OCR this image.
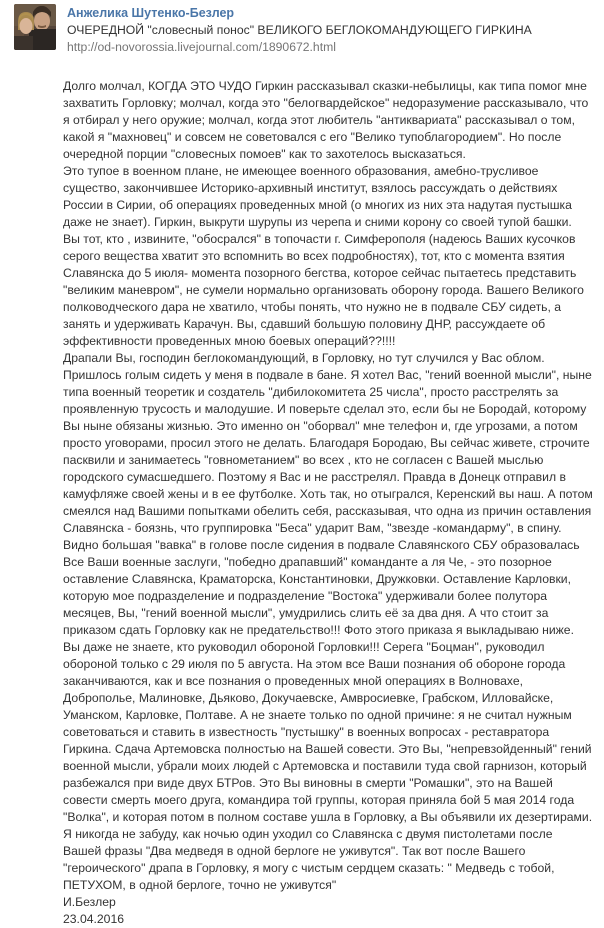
Анжелика Шутенко-Безлер
ОЧЕРЕДНОЙ "словесный понос" ВЕЛИКОГО БЕГЛОКОМАНДУЮЩЕГО ГИРКИНА
http://od-novorossia.livejournal.com/1890672.html
Долго молчал, КОГДА ЭТО ЧУДО Гиркин рассказывал сказки-небылицы, как типа помог мне захватить Горловку; молчал, когда это "белогвардейское" недоразумение рассказывало, что я отбирал у него оружие; молчал, когда этот любитель "антиквариата" рассказывал о том, какой я "махновец" и совсем не советовался с его "Велико тупоблагородием". Но после очередной порции "словесных помоев" как то захотелось высказаться.
Это тупое в военном плане, не имеющее военного образования, амебно-трусливое существо, закончившее Историко-архивный институт, взялось рассуждать о действиях России в Сирии, об операциях проведенных мной (о многих из них эта надутая пустышка даже не знает). Гиркин, выкрути шурупы из черепа и сними корону со своей тупой башки.
Вы тот, кто , извините, "обосрался" в топочасти г. Симферополя (надеюсь Ваших кусочков серого вещества хватит это вспомнить во всех подробностях), тот, кто с момента взятия Славянска до 5 июля- момента позорного бегства, которое сейчас пытаетесь представить "великим маневром", не сумели нормально организовать оборону города. Вашего Великого полководческого дара не хватило, чтобы понять, что нужно не в подвале СБУ сидеть, а занять и удерживать Карачун. Вы, сдавший большую половину ДНР, рассуждаете об эффективности проведенных мною боевых операций??!!!!
Драпали Вы, господин беглокомандующий, в Горловку, но тут случился у Вас облом. Пришлось голым сидеть у меня в подвале в бане. Я хотел Вас, "гений военной мысли", ныне типа военный теоретик и создатель "дибилокомитета 25 числа", просто расстрелять за проявленную трусость и малодушие. И поверьте сделал это, если бы не Бородай, которому Вы ныне обязаны жизнью. Это именно он "оборвал" мне телефон и, где угрозами, а потом просто уговорами, просил этого не делать. Благодаря Бородаю, Вы сейчас живете, строчите пасквили и занимаетесь "говнометанием" во всех , кто не согласен с Вашей мыслью городского сумасшедшего. Поэтому я Вас и не расстрелял. Правда в Донецк отправил в камуфляже своей жены и в ее футболке. Хоть так, но отыгрался, Керенский вы наш. А потом смеялся над Вашими попытками обелить себя, рассказывая, что одна из причин оставления Славянска - боязнь, что группировка "Беса" ударит Вам, "звезде -командарму", в спину. Видно большая "вавка" в голове после сидения в подвале Славянского СБУ образовалась
Все Ваши военные заслуги, "победно драпавший" команданте а ля Че, - это позорное оставление Славянска, Краматорска, Константиновки, Дружковки. Оставление Карловки, которую мое подразделение и подразделение "Востока" удерживали более полутора месяцев, Вы, "гений военной мысли", умудрились слить её за два дня. А что стоит за приказом сдать Горловку как не предательство!!! Фото этого приказа я выкладываю ниже. Вы даже не знаете, кто руководил обороной Горловки!!! Серега "Боцман", руководил обороной только с 29 июля по 5 августа. На этом все Ваши познания об обороне города заканчиваются, как и все познания о проведенных мной операциях в Волновахе, Доброполье, Малиновке, Дьяково, Докучаевске, Амвросиевке, Грабском, Илловайске, Уманском, Карловке, Полтаве. А не знаете только по одной причине: я не считал нужным советоваться и ставить в известность "пустышку" в военных вопросах - реставратора Гиркина. Сдача Артемовска полностью на Вашей совести. Это Вы, "непревзойденный" гений военной мысли, убрали моих людей с Артемовска и поставили туда свой гарнизон, который разбежался при виде двух БТРов. Это Вы виновны в смерти "Ромашки", это на Вашей совести смерть моего друга, командира той группы, которая приняла бой 5 мая 2014 года "Волка", и которая потом в полном составе ушла в Горловку, а Вы объявили их дезертирами. Я никогда не забуду, как ночью один уходил со Славянска с двумя пистолетами после Вашей фразы "Два медведя в одной берлоге не уживутся". Так вот после Вашего "героического" драпа в Горловку, я могу с чистым сердцем сказать: " Медведь с тобой, ПЕТУХОМ, в одной берлоге, точно не уживутся"
И.Безлер
23.04.2016
